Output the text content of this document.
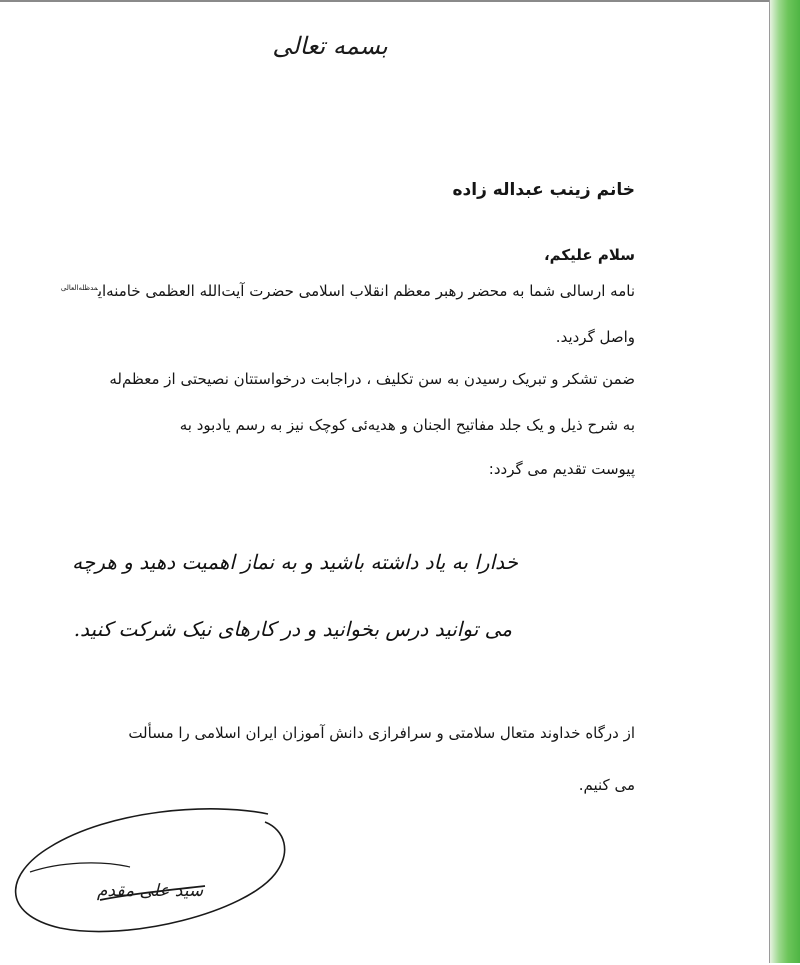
بسمه تعالی
خانم زینب عبداله زاده
سلام علیکم،
نامه ارسالی شما به محضر رهبر معظم انقلاب اسلامی حضرت آیت‌الله العظمی خامنه‌ای$^{مدظله‌العالی}$
واصل گردید.
ضمن تشکر و تبریک رسیدن به سن تکلیف ، دراجابت درخواستتان نصیحتی از معظم‌له
به شرح ذیل و یک جلد مفاتیح الجنان و هدیه‌ئی کوچک نیز به رسم یادبود به
پیوست تقدیم می گردد:
خدارا به یاد داشته باشید و به نماز اهمیت دهید و هرچه
می توانید درس بخوانید و در کارهای نیک شرکت کنید.
از درگاه خداوند متعال سلامتی و سرافرازی دانش آموزان ایران اسلامی را مسألت
می کنیم.
سید علی مقدم
